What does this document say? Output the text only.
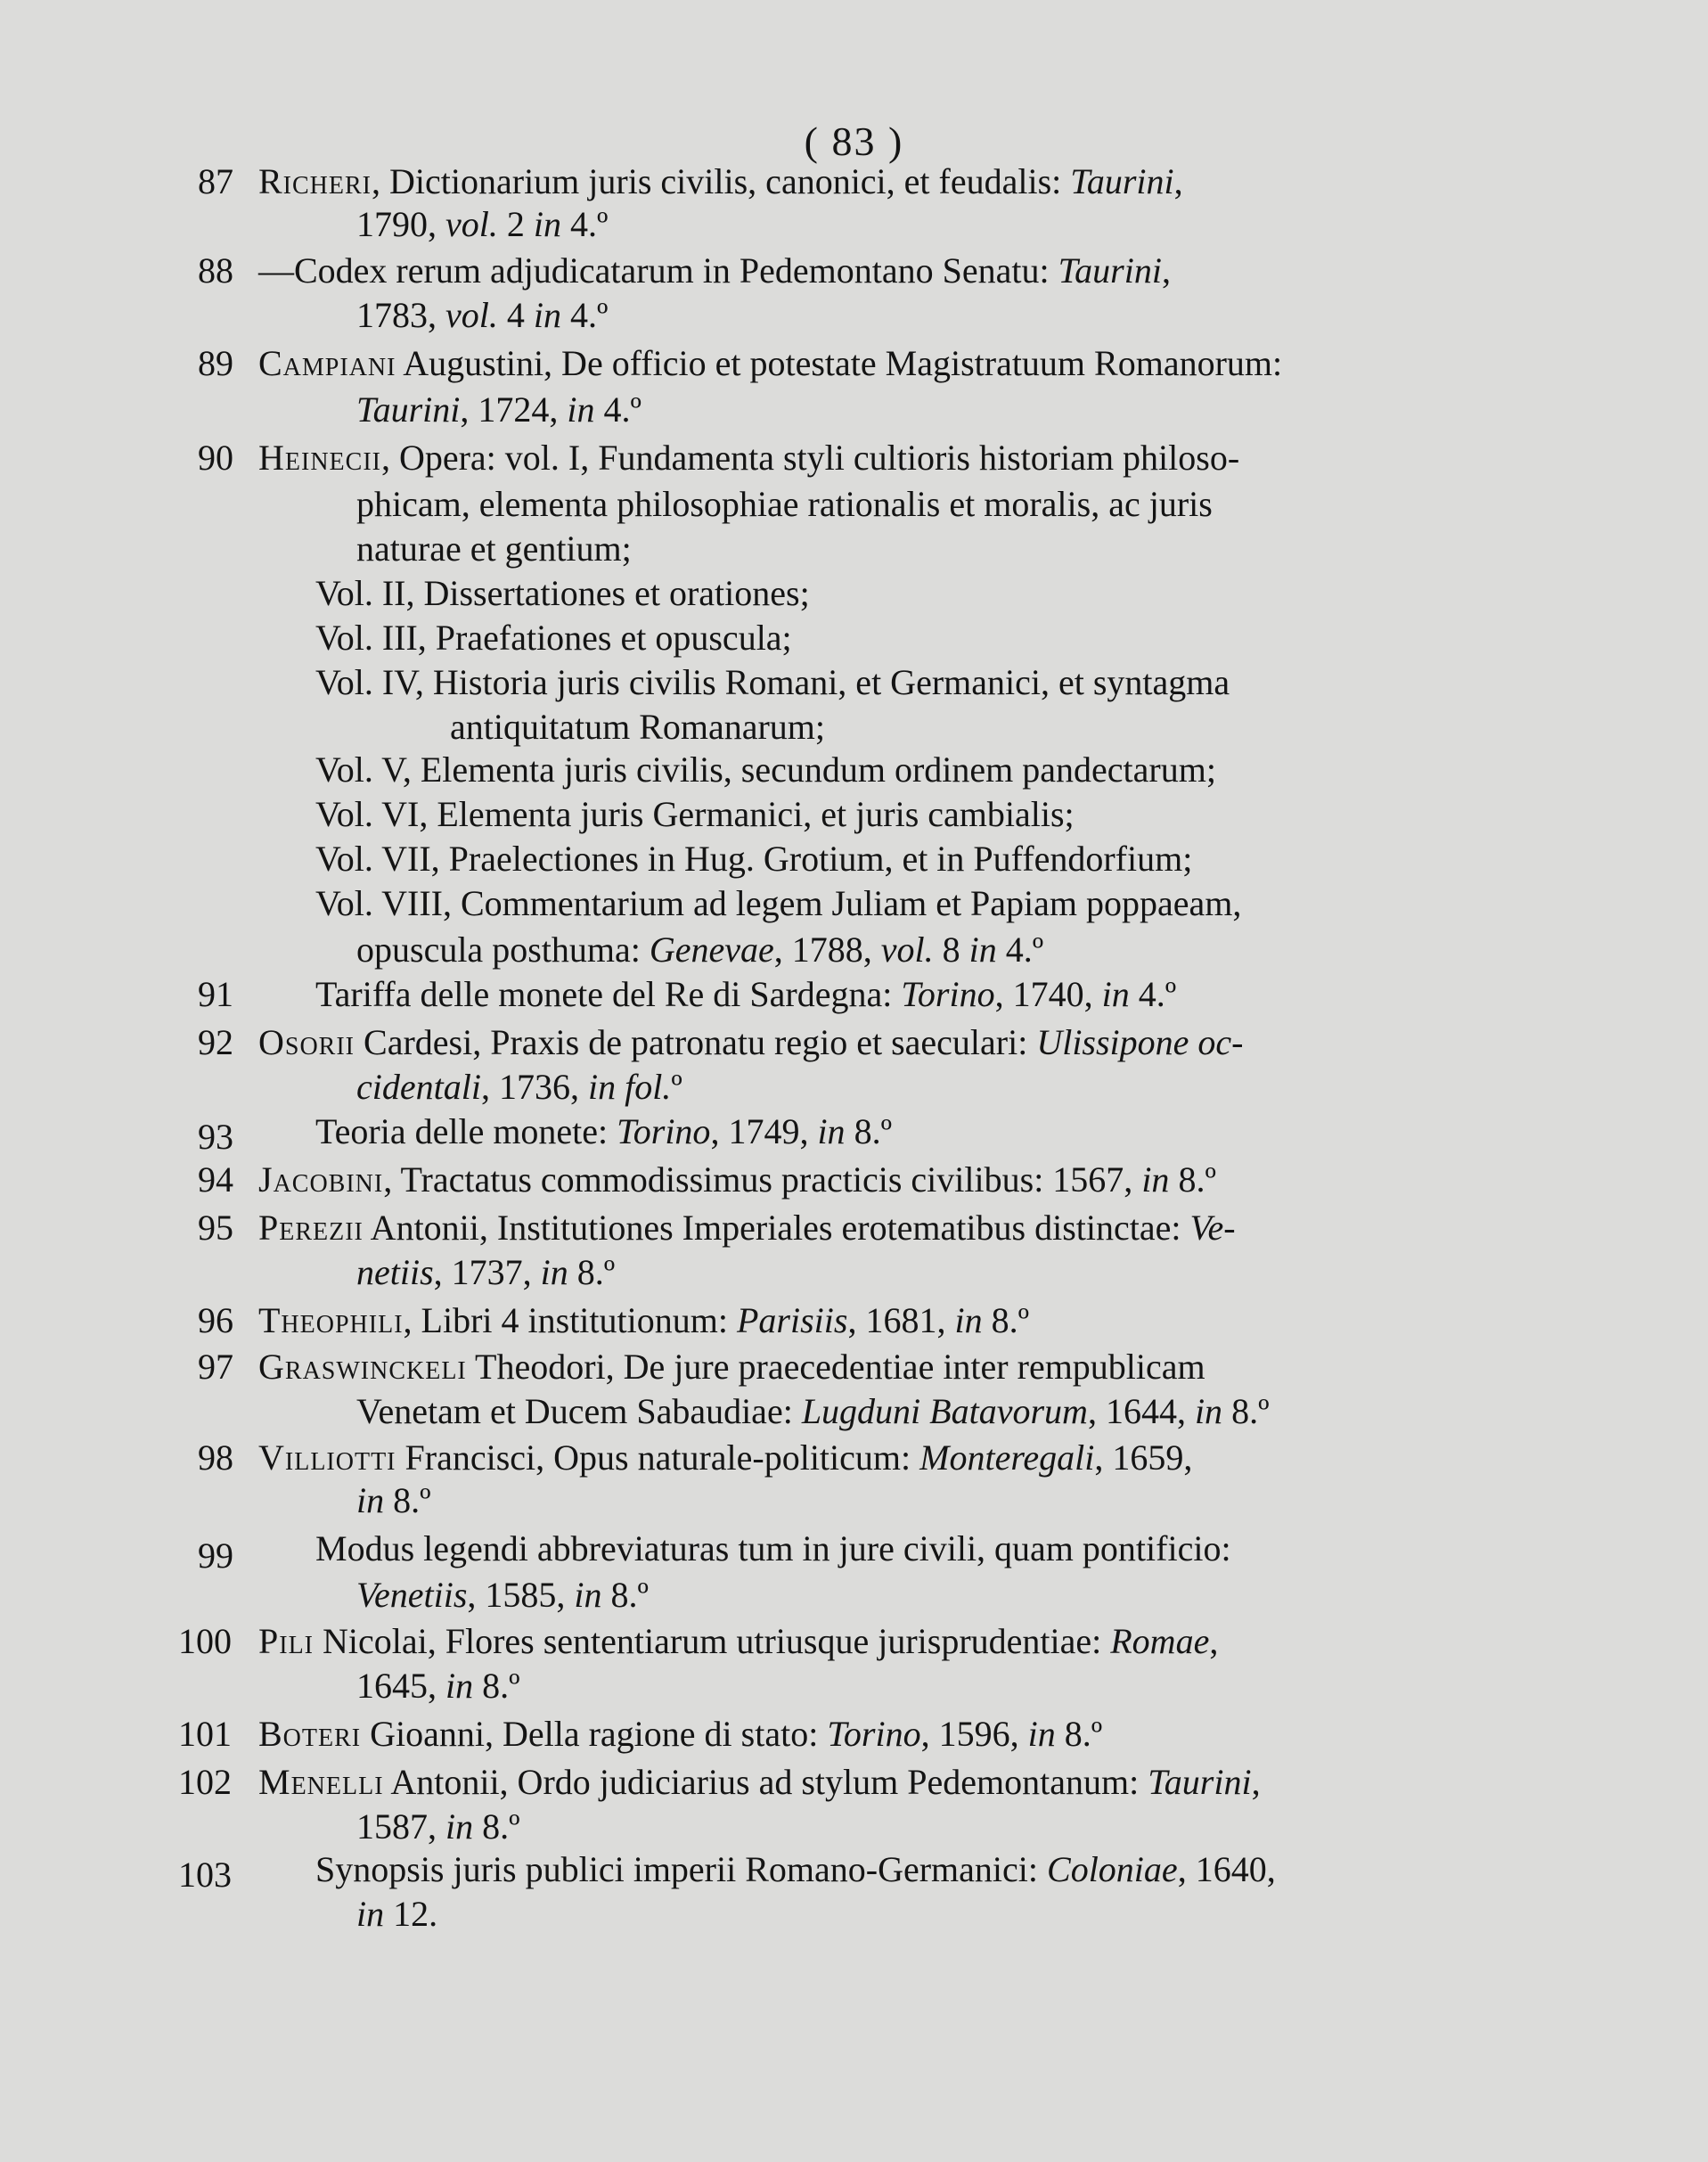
( 83 )
87 Richeri, Dictionarium juris civilis, canonici, et feudalis: Taurini,
1790, vol. 2 in 4.º
88 —Codex rerum adjudicatarum in Pedemontano Senatu: Taurini,
1783, vol. 4 in 4.º
89 Campiani Augustini, De officio et potestate Magistratuum Romanorum:
Taurini, 1724, in 4.º
90 Heinecii, Opera: vol. I, Fundamenta styli cultioris historiam philoso-
phicam, elementa philosophiae rationalis et moralis, ac juris
naturae et gentium;
Vol. II, Dissertationes et orationes;
Vol. III, Praefationes et opuscula;
Vol. IV, Historia juris civilis Romani, et Germanici, et syntagma
antiquitatum Romanarum;
Vol. V, Elementa juris civilis, secundum ordinem pandectarum;
Vol. VI, Elementa juris Germanici, et juris cambialis;
Vol. VII, Praelectiones in Hug. Grotium, et in Puffendorfium;
Vol. VIII, Commentarium ad legem Juliam et Papiam poppaeam,
opuscula posthuma: Genevae, 1788, vol. 8 in 4.º
91 Tariffa delle monete del Re di Sardegna: Torino, 1740, in 4.º
92 Osorii Cardesi, Praxis de patronatu regio et saeculari: Ulissipone oc-
cidentali, 1736, in fol.º
93 Teoria delle monete: Torino, 1749, in 8.º
94 Jacobini, Tractatus commodissimus practicis civilibus: 1567, in 8.º
95 Perezii Antonii, Institutiones Imperiales erotematibus distinctae: Ve-
netiis, 1737, in 8.º
96 Theophili, Libri 4 institutionum: Parisiis, 1681, in 8.º
97 Graswinckeli Theodori, De jure praecedentiae inter rempublicam
Venetam et Ducem Sabaudiae: Lugduni Batavorum, 1644, in 8.º
98 Villiotti Francisci, Opus naturale-politicum: Monteregali, 1659,
in 8.º
99 Modus legendi abbreviaturas tum in jure civili, quam pontificio:
Venetiis, 1585, in 8.º
100 Pili Nicolai, Flores sententiarum utriusque jurisprudentiae: Romae,
1645, in 8.º
101 Boteri Gioanni, Della ragione di stato: Torino, 1596, in 8.º
102 Menelli Antonii, Ordo judiciarius ad stylum Pedemontanum: Taurini,
1587, in 8.º
103 Synopsis juris publici imperii Romano-Germanici: Coloniae, 1640,
in 12.
